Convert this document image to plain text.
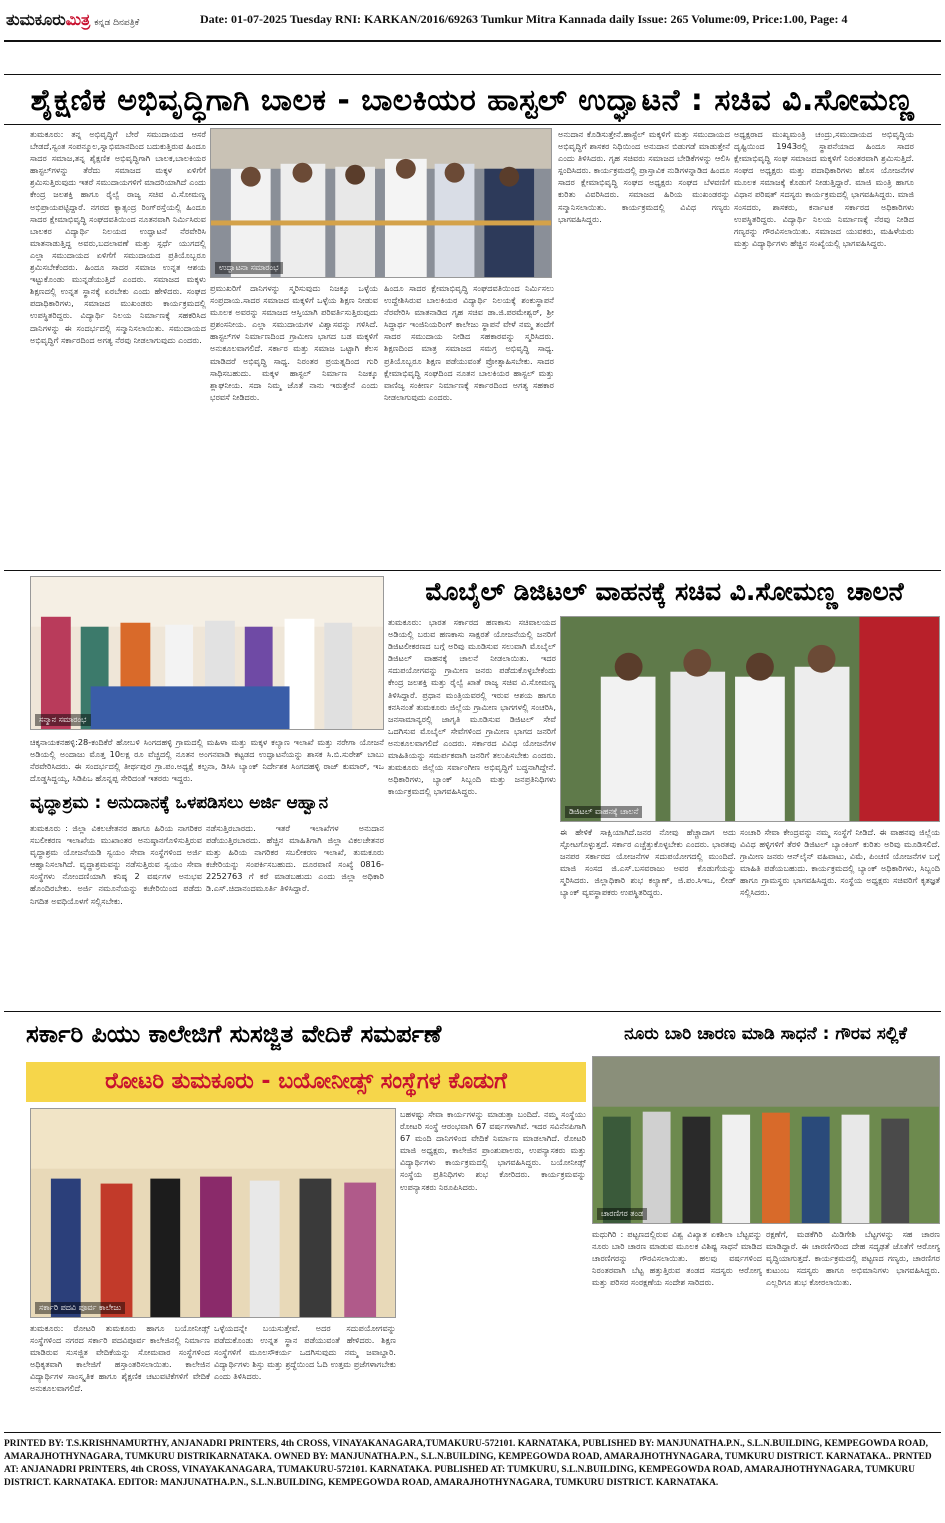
ತುಮಕೂರುಮಿತ್ರ ಕನ್ನಡ ದಿನಪತ್ರಿಕೆ	Date: 01-07-2025 Tuesday RNI: KARKAN/2016/69263 Tumkur Mitra Kannada daily Issue: 265 Volume:09, Price:1.00, Page: 4
ಶೈಕ್ಷಣಿಕ ಅಭಿವೃದ್ಧಿಗಾಗಿ ಬಾಲಕ - ಬಾಲಕಿಯರ ಹಾಸ್ಟಲ್ ಉದ್ಘಾಟನೆ : ಸಚಿವ ವಿ.ಸೋಮಣ್ಣ
ತುಮಕೂರು: ತನ್ನ ಅಭಿವೃದ್ಧಿಗೆ ಬೇರೆ ಸಮುದಾಯದ ಆಸರೆ ಬೇಡದೆ,ಸ್ವಂತ ಸಂಪನ್ಮೂಲ,ಸ್ವಾಭಿಮಾನದಿಂದ ಬದುಕುತ್ತಿರುವ ಹಿಂದೂ ಸಾದರ ಸಮಾಜ,ತನ್ನ ಶೈಕ್ಷಣಿಕ ಅಭಿವೃದ್ಧಿಗಾಗಿ ಬಾಲಕ,ಬಾಲಕಿಯರ ಹಾಸ್ಟಲ್‌ಗಳನ್ನು ತೆರೆದು ಸಮಾಜದ ಮಕ್ಕಳ ಏಳಿಗೆಗೆ ಶ್ರಮಿಸುತ್ತಿರುವುದು ಇತರೆ ಸಮುದಾಯಗಳಿಗೆ ಮಾದರಿಯಾಗಿದೆ ಎಂದು ಕೇಂದ್ರ ಜಲಶಕ್ತಿ ಹಾಗೂ ರೈಲ್ವೆ ರಾಜ್ಯ ಸಚಿವ ವಿ.ಸೋಮಣ್ಣ ಅಭಿಪ್ರಾಯಪಟ್ಟಿದ್ದಾರೆ. ನಗರದ ಕ್ಯಾತ್ಸಂದ್ರ ರಿಂಗ್‌ರಸ್ತೆಯಲ್ಲಿ ಹಿಂದೂ ಸಾದರ ಕ್ಷೇಮಾಭಿವೃದ್ಧಿ ಸಂಘದವತಿಯಿಂದ ನೂತನವಾಗಿ ನಿರ್ಮಿಸಿರುವ ಬಾಲಕರ ವಿದ್ಯಾರ್ಥಿ ನಿಲಯದ ಉದ್ಘಾಟನೆ ನೆರವೇರಿಸಿ ಮಾತನಾಡುತ್ತಿದ್ದ ಅವರು,ಬದಲಾವಣೆ ಮತ್ತು ಸ್ಪರ್ಧೆ ಯುಗದಲ್ಲಿ ಎಲ್ಲಾ ಸಮುದಾಯದ ಏಳಿಗೆಗೆ ಸಮುದಾಯದ ಪ್ರತಿಯೊಬ್ಬರೂ ಶ್ರಮಿಸಬೇಕೆಂದರು. ಹಿಂದೂ ಸಾದರ ಸಮಾಜ ಉನ್ನತ ಆಶಯ ಇಟ್ಟುಕೊಂಡು ಮುನ್ನಡೆಯುತ್ತಿದೆ ಎಂದರು. ಸಮಾಜದ ಮಕ್ಕಳು ಶಿಕ್ಷಣದಲ್ಲಿ ಉನ್ನತ ಸ್ಥಾನಕ್ಕೆ ಏರಬೇಕು ಎಂದು ಹೇಳಿದರು. ಸಂಘದ ಪದಾಧಿಕಾರಿಗಳು, ಸಮಾಜದ ಮುಖಂಡರು ಕಾರ್ಯಕ್ರಮದಲ್ಲಿ ಉಪಸ್ಥಿತರಿದ್ದರು. ವಿದ್ಯಾರ್ಥಿ ನಿಲಯ ನಿರ್ಮಾಣಕ್ಕೆ ಸಹಕರಿಸಿದ ದಾನಿಗಳನ್ನು ಈ ಸಂದರ್ಭದಲ್ಲಿ ಸನ್ಮಾನಿಸಲಾಯಿತು. ಸಮುದಾಯದ ಅಭಿವೃದ್ಧಿಗೆ ಸರ್ಕಾರದಿಂದ ಅಗತ್ಯ ನೆರವು ನೀಡಲಾಗುವುದು ಎಂದರು.
ಉದ್ಘಾಟನಾ ಸಮಾರಂಭ
ಪ್ರಮುಖರಿಗೆ ದಾನಿಗಳನ್ನು ಸ್ಮರಿಸುವುದು ನಿಜಕ್ಕೂ ಒಳ್ಳೆಯ ಸಂಪ್ರದಾಯ.ಸಾದರ ಸಮಾಜದ ಮಕ್ಕಳಿಗೆ ಒಳ್ಳೆಯ ಶಿಕ್ಷಣ ನೀಡುವ ಮೂಲಕ ಅವರನ್ನು ಸಮಾಜದ ಆಸ್ತಿಯಾಗಿ ಪರಿವರ್ತಿಸುತ್ತಿರುವುದು ಪ್ರಶಂಸನೀಯ. ಎಲ್ಲಾ ಸಮುದಾಯಗಳ ವಿಶ್ವಾಸವನ್ನು ಗಳಿಸಿದೆ. ಹಾಸ್ಟಲ್‌ಗಳ ನಿರ್ಮಾಣದಿಂದ ಗ್ರಾಮೀಣ ಭಾಗದ ಬಡ ಮಕ್ಕಳಿಗೆ ಅನುಕೂಲವಾಗಲಿದೆ. ಸರ್ಕಾರ ಮತ್ತು ಸಮಾಜ ಒಟ್ಟಾಗಿ ಕೆಲಸ ಮಾಡಿದರೆ ಅಭಿವೃದ್ಧಿ ಸಾಧ್ಯ. ನಿರಂತರ ಪ್ರಯತ್ನದಿಂದ ಗುರಿ ಸಾಧಿಸಬಹುದು. ಮಕ್ಕಳ ಹಾಸ್ಟಲ್ ನಿರ್ಮಾಣ ನಿಜಕ್ಕೂ ಶ್ಲಾಘನೀಯ. ಸದಾ ನಿಮ್ಮ ಜೊತೆ ನಾನು ಇರುತ್ತೇನೆ ಎಂದು ಭರವಸೆ ನೀಡಿದರು.
ಹಿಂದೂ ಸಾದರ ಕ್ಷೇಮಾಭಿವೃದ್ಧಿ ಸಂಘದವತಿಯಿಂದ ನಿರ್ಮಿಸಲು ಉದ್ದೇಶಿಸಿರುವ ಬಾಲಕಿಯರ ವಿದ್ಯಾರ್ಥಿ ನಿಲಯಕ್ಕೆ ಶಂಕುಸ್ಥಾಪನೆ ನೆರವೇರಿಸಿ ಮಾತನಾಡಿದ ಗೃಹ ಸಚಿವ ಡಾ.ಜಿ.ಪರಮೇಶ್ವರ್, ಶ್ರೀ ಸಿದ್ಧಾರ್ಥ ಇಂಜಿನಿಯರಿಂಗ್ ಕಾಲೇಜು ಸ್ಥಾಪನೆ ವೇಳೆ ನಮ್ಮ ತಂದೆಗೆ ಸಾದರ ಸಮುದಾಯ ನೀಡಿದ ಸಹಕಾರವನ್ನು ಸ್ಮರಿಸಿದರು. ಶಿಕ್ಷಣದಿಂದ ಮಾತ್ರ ಸಮಾಜದ ಸಮಗ್ರ ಅಭಿವೃದ್ಧಿ ಸಾಧ್ಯ. ಪ್ರತಿಯೊಬ್ಬರೂ ಶಿಕ್ಷಣ ಪಡೆಯುವಂತೆ ಪ್ರೋತ್ಸಾಹಿಸಬೇಕು. ಸಾದರ ಕ್ಷೇಮಾಭಿವೃದ್ಧಿ ಸಂಘದಿಂದ ನೂತನ ಬಾಲಕಿಯರ ಹಾಸ್ಟಲ್ ಮತ್ತು ವಾಣಿಜ್ಯ ಸಂಕೀರ್ಣ ನಿರ್ಮಾಣಕ್ಕೆ ಸರ್ಕಾರದಿಂದ ಅಗತ್ಯ ಸಹಕಾರ ನೀಡಲಾಗುವುದು ಎಂದರು.
ಅನುದಾನ ಕೊಡಿಸುತ್ತೇನೆ.ಹಾಸ್ಟೆಲ್ ಮಕ್ಕಳಿಗೆ ಮತ್ತು ಸಮುದಾಯದ ಅಭಿವೃದ್ಧಿಗೆ ಶಾಸಕರ ನಿಧಿಯಿಂದ ಅನುದಾನ ಬಿಡುಗಡೆ ಮಾಡುತ್ತೇನೆ ಎಂದು ತಿಳಿಸಿದರು. ಗೃಹ ಸಚಿವರು ಸಮಾಜದ ಬೇಡಿಕೆಗಳನ್ನು ಆಲಿಸಿ ಸ್ಪಂದಿಸಿದರು. ಕಾರ್ಯಕ್ರಮದಲ್ಲಿ ಪ್ರಾಸ್ತಾವಿಕ ನುಡಿಗಳನ್ನಾಡಿದ ಹಿಂದೂ ಸಾದರ ಕ್ಷೇಮಾಭಿವೃದ್ಧಿ ಸಂಘದ ಅಧ್ಯಕ್ಷರು ಸಂಘದ ಬೆಳವಣಿಗೆ ಕುರಿತು ವಿವರಿಸಿದರು. ಸಮಾಜದ ಹಿರಿಯ ಮುಖಂಡರನ್ನು ಸನ್ಮಾನಿಸಲಾಯಿತು. ಕಾರ್ಯಕ್ರಮದಲ್ಲಿ ವಿವಿಧ ಗಣ್ಯರು ಭಾಗವಹಿಸಿದ್ದರು.
ಅಧ್ಯಕ್ಷರಾದ ಮುಖ್ಯಮಂತ್ರಿ ಚಂದ್ರು,ಸಮುದಾಯದ ಅಭಿವೃದ್ಧಿಯ ದೃಷ್ಟಿಯಿಂದ 1943ರಲ್ಲಿ ಸ್ಥಾಪನೆಯಾದ ಹಿಂದೂ ಸಾದರ ಕ್ಷೇಮಾಭಿವೃದ್ಧಿ ಸಂಘ ಸಮಾಜದ ಮಕ್ಕಳಿಗೆ ನಿರಂತರವಾಗಿ ಶ್ರಮಿಸುತ್ತಿದೆ. ಸಂಘದ ಅಧ್ಯಕ್ಷರು ಮತ್ತು ಪದಾಧಿಕಾರಿಗಳು ಹೊಸ ಯೋಜನೆಗಳ ಮೂಲಕ ಸಮಾಜಕ್ಕೆ ಕೊಡುಗೆ ನೀಡುತ್ತಿದ್ದಾರೆ. ಮಾಜಿ ಮಂತ್ರಿ ಹಾಗೂ ವಿಧಾನ ಪರಿಷತ್ ಸದಸ್ಯರು ಕಾರ್ಯಕ್ರಮದಲ್ಲಿ ಭಾಗವಹಿಸಿದ್ದರು. ಮಾಜಿ ಸಂಸದರು, ಶಾಸಕರು, ಕರ್ನಾಟಕ ಸರ್ಕಾರದ ಅಧಿಕಾರಿಗಳು ಉಪಸ್ಥಿತರಿದ್ದರು. ವಿದ್ಯಾರ್ಥಿ ನಿಲಯ ನಿರ್ಮಾಣಕ್ಕೆ ನೆರವು ನೀಡಿದ ಗಣ್ಯರನ್ನು ಗೌರವಿಸಲಾಯಿತು. ಸಮಾಜದ ಯುವಕರು, ಮಹಿಳೆಯರು ಮತ್ತು ವಿದ್ಯಾರ್ಥಿಗಳು ಹೆಚ್ಚಿನ ಸಂಖ್ಯೆಯಲ್ಲಿ ಭಾಗವಹಿಸಿದ್ದರು.
ಸನ್ಮಾನ ಸಮಾರಂಭ
ಚಿಕ್ಕನಾಯಕನಹಳ್ಳಿ:28-ಕಂದಿಕೆರೆ ಹೋಬಳಿ ಸಿಂಗದಹಳ್ಳಿ ಗ್ರಾಮದಲ್ಲಿ ಮಹಿಳಾ ಮತ್ತು ಮಕ್ಕಳ ಕಲ್ಯಾಣ ಇಲಾಖೆ ಮತ್ತು ನರೇಗಾ ಯೋಜನೆ ಅಡಿಯಲ್ಲಿ ಅಂದಾಜು ಮೊತ್ತ 10ಲಕ್ಷ ರೂ ವೆಚ್ಚದಲ್ಲಿ ನೂತನ ಅಂಗನವಾಡಿ ಕಟ್ಟಡದ ಉದ್ಘಾಟನೆಯನ್ನು ಶಾಸಕ ಸಿ.ಬಿ.ಸುರೇಶ್ ಬಾಬು ನೆರವೇರಿಸಿದರು. ಈ ಸಂದರ್ಭದಲ್ಲಿ ತೀರ್ಥಪುರ ಗ್ರಾ.ಪಂ.ಅಧ್ಯಕ್ಷೆ ಕಲ್ಪನಾ, ಡಿಸಿಸಿ ಬ್ಯಾಂಕ್ ನಿರ್ದೇಶಕ ಸಿಂಗದಹಳ್ಳಿ ರಾಜ್ ಕುಮಾರ್, ಇಒ ದೊಡ್ಡಸಿದ್ದಯ್ಯ, ಸಿಡಿಪಿಒ ಹೊನ್ನಪ್ಪ ಸೇರಿದಂತೆ ಇತರರು ಇದ್ದರು.
ಮೊಬೈಲ್ ಡಿಜಿಟಲ್ ವಾಹನಕ್ಕೆ ಸಚಿವ ವಿ.ಸೋಮಣ್ಣ ಚಾಲನೆ
ತುಮಕೂರು: ಭಾರತ ಸರ್ಕಾರದ ಹಣಕಾಸು ಸಚಿವಾಲಯದ ಅಡಿಯಲ್ಲಿ ಬರುವ ಹಣಕಾಸು ಸಾಕ್ಷರತೆ ಯೋಜನೆಯಲ್ಲಿ ಜನರಿಗೆ ಡಿಜಿಟಲೀಕರಣದ ಬಗ್ಗೆ ಅರಿವು ಮೂಡಿಸುವ ಸಲುವಾಗಿ ಮೊಬೈಲ್ ಡಿಜಿಟಲ್ ವಾಹನಕ್ಕೆ ಚಾಲನೆ ನೀಡಲಾಯಿತು. ಇದರ ಸದುಪಯೋಗವನ್ನು ಗ್ರಾಮೀಣ ಜನರು ಪಡೆದುಕೊಳ್ಳಬೇಕೆಂದು ಕೇಂದ್ರ ಜಲಶಕ್ತಿ ಮತ್ತು ರೈಲ್ವೆ ಖಾತೆ ರಾಜ್ಯ ಸಚಿವ ವಿ.ಸೋಮಣ್ಣ ತಿಳಿಸಿದ್ದಾರೆ. ಪ್ರಧಾನ ಮಂತ್ರಿಯವರಲ್ಲಿ ಇರುವ ಆಶಯ ಹಾಗೂ ಕನಸಿನಂತೆ ತುಮಕೂರು ಜಿಲ್ಲೆಯ ಗ್ರಾಮೀಣ ಭಾಗಗಳಲ್ಲಿ ಸಂಚರಿಸಿ, ಜನಸಾಮಾನ್ಯರಲ್ಲಿ ಜಾಗೃತಿ ಮೂಡಿಸುವ ಡಿಜಿಟಲ್ ಸೇವೆ ಒದಗಿಸುವ ಮೊಬೈಲ್ ಸೇವೆಗಳಿಂದ ಗ್ರಾಮೀಣ ಭಾಗದ ಜನರಿಗೆ ಅನುಕೂಲವಾಗಲಿದೆ ಎಂದರು. ಸರ್ಕಾರದ ವಿವಿಧ ಯೋಜನೆಗಳ ಮಾಹಿತಿಯನ್ನು ಸಮರ್ಪಕವಾಗಿ ಜನರಿಗೆ ತಲುಪಿಸಬೇಕು ಎಂದರು. ತುಮಕೂರು ಜಿಲ್ಲೆಯ ಸರ್ವಾಂಗೀಣ ಅಭಿವೃದ್ಧಿಗೆ ಬದ್ಧನಾಗಿದ್ದೇನೆ. ಅಧಿಕಾರಿಗಳು, ಬ್ಯಾಂಕ್ ಸಿಬ್ಬಂದಿ ಮತ್ತು ಜನಪ್ರತಿನಿಧಿಗಳು ಕಾರ್ಯಕ್ರಮದಲ್ಲಿ ಭಾಗವಹಿಸಿದ್ದರು.
ಡಿಜಿಟಲ್ ವಾಹನಕ್ಕೆ ಚಾಲನೆ
ಈ ಹೇಳಿಕೆ ಸಾಕ್ಷಿಯಾಗಿದೆ.ಜನರ ನೋವು ಹೆಚ್ಚಾದಾಗ ಅದು ಸ್ಫೋಟಗೊಳ್ಳುತ್ತದೆ. ಸರ್ಕಾರ ಎಚ್ಚೆತ್ತುಕೊಳ್ಳಬೇಕು ಎಂದರು. ಭಾರತವು ಜನಪರ ಸರ್ಕಾರದ ಯೋಜನೆಗಳ ಸದುಪಯೋಗದಲ್ಲಿ ಮುಂದಿದೆ. ಮಾಜಿ ಸಂಸದ ಜಿ.ಎಸ್.ಬಸವರಾಜು ಅವರ ಕೊಡುಗೆಯನ್ನು ಸ್ಮರಿಸಿದರು. ಜಿಲ್ಲಾಧಿಕಾರಿ ಶುಭ ಕಲ್ಯಾಣ್, ಜಿ.ಪಂ.ಸಿಇಒ, ಲೀಡ್ ಬ್ಯಾಂಕ್ ವ್ಯವಸ್ಥಾಪಕರು ಉಪಸ್ಥಿತರಿದ್ದರು.
ಸಂಚಾರಿ ಸೇವಾ ಕೇಂದ್ರವನ್ನು ನಮ್ಮ ಸಂಸ್ಥೆಗೆ ನೀಡಿದೆ. ಈ ವಾಹನವು ಜಿಲ್ಲೆಯ ವಿವಿಧ ಹಳ್ಳಿಗಳಿಗೆ ತೆರಳಿ ಡಿಜಿಟಲ್ ಬ್ಯಾಂಕಿಂಗ್ ಕುರಿತು ಅರಿವು ಮೂಡಿಸಲಿದೆ. ಗ್ರಾಮೀಣ ಜನರು ಆನ್‌ಲೈನ್ ವಹಿವಾಟು, ವಿಮೆ, ಪಿಂಚಣಿ ಯೋಜನೆಗಳ ಬಗ್ಗೆ ಮಾಹಿತಿ ಪಡೆಯಬಹುದು. ಕಾರ್ಯಕ್ರಮದಲ್ಲಿ ಬ್ಯಾಂಕ್ ಅಧಿಕಾರಿಗಳು, ಸಿಬ್ಬಂದಿ ಹಾಗೂ ಗ್ರಾಮಸ್ಥರು ಭಾಗವಹಿಸಿದ್ದರು. ಸಂಸ್ಥೆಯ ಅಧ್ಯಕ್ಷರು ಸಚಿವರಿಗೆ ಕೃತಜ್ಞತೆ ಸಲ್ಲಿಸಿದರು.
ವೃದ್ಧಾಶ್ರಮ : ಅನುದಾನಕ್ಕೆ ಒಳಪಡಿಸಲು ಅರ್ಜಿ ಆಹ್ವಾನ
ತುಮಕೂರು : ಜಿಲ್ಲಾ ವಿಕಲಚೇತನರ ಹಾಗೂ ಹಿರಿಯ ನಾಗರಿಕರ ಸಬಲೀಕರಣ ಇಲಾಖೆಯ ಮುಖಾಂತರ ಅನುಷ್ಠಾನಗೊಳಿಸುತ್ತಿರುವ ವೃದ್ಧಾಶ್ರಮ ಯೋಜನೆಯಡಿ ಸ್ವಯಂ ಸೇವಾ ಸಂಸ್ಥೆಗಳಿಂದ ಅರ್ಜಿ ಆಹ್ವಾನಿಸಲಾಗಿದೆ. ವೃದ್ಧಾಶ್ರಮವನ್ನು ನಡೆಸುತ್ತಿರುವ ಸ್ವಯಂ ಸೇವಾ ಸಂಸ್ಥೆಗಳು ನೋಂದಣಿಯಾಗಿ ಕನಿಷ್ಠ 2 ವರ್ಷಗಳ ಅನುಭವ ಹೊಂದಿರಬೇಕು. ಅರ್ಜಿ ನಮೂನೆಯನ್ನು ಕಚೇರಿಯಿಂದ ಪಡೆದು ನಿಗದಿತ ಅವಧಿಯೊಳಗೆ ಸಲ್ಲಿಸಬೇಕು.
ನಡೆಸುತ್ತಿರಬಾರದು. ಇತರೆ ಇಲಾಖೆಗಳ ಅನುದಾನ ಪಡೆಯುತ್ತಿರಬಾರದು. ಹೆಚ್ಚಿನ ಮಾಹಿತಿಗಾಗಿ ಜಿಲ್ಲಾ ವಿಕಲಚೇತನರ ಮತ್ತು ಹಿರಿಯ ನಾಗರಿಕರ ಸಬಲೀಕರಣ ಇಲಾಖೆ, ತುಮಕೂರು ಕಚೇರಿಯನ್ನು ಸಂಪರ್ಕಿಸಬಹುದು. ದೂರವಾಣಿ ಸಂಖ್ಯೆ 0816-2252763 ಗೆ ಕರೆ ಮಾಡಬಹುದು ಎಂದು ಜಿಲ್ಲಾ ಅಧಿಕಾರಿ ಡಿ.ಎಸ್.ಚಿದಾನಂದಮೂರ್ತಿ ತಿಳಿಸಿದ್ದಾರೆ.
ಸರ್ಕಾರಿ ಪಿಯು ಕಾಲೇಜಿಗೆ ಸುಸಜ್ಜಿತ ವೇದಿಕೆ ಸಮರ್ಪಣೆ
ರೋಟರಿ ತುಮಕೂರು - ಬಯೋನೀಡ್ಸ್ ಸಂಸ್ಥೆಗಳ ಕೊಡುಗೆ
ಸರ್ಕಾರಿ ಪದವಿ ಪೂರ್ವ ಕಾಲೇಜು
ತುಮಕೂರು: ರೋಟರಿ ತುಮಕೂರು ಹಾಗೂ ಬಯೋನೀಡ್ಸ್ ಸಂಸ್ಥೆಗಳಿಂದ ನಗರದ ಸರ್ಕಾರಿ ಪದವಿಪೂರ್ವ ಕಾಲೇಜಿನಲ್ಲಿ ನಿರ್ಮಾಣ ಮಾಡಿರುವ ಸುಸಜ್ಜಿತ ವೇದಿಕೆಯನ್ನು ಸೋಮವಾರ ಸಂಸ್ಥೆಗಳಿಂದ ಅಧಿಕೃತವಾಗಿ ಕಾಲೇಜಿಗೆ ಹಸ್ತಾಂತರಿಸಲಾಯಿತು. ಕಾಲೇಜಿನ ವಿದ್ಯಾರ್ಥಿಗಳ ಸಾಂಸ್ಕೃತಿಕ ಹಾಗೂ ಶೈಕ್ಷಣಿಕ ಚಟುವಟಿಕೆಗಳಿಗೆ ವೇದಿಕೆ ಅನುಕೂಲವಾಗಲಿದೆ.
ಒಳ್ಳೆಯದನ್ನೇ ಬಯಸುತ್ತೇವೆ. ಅದರ ಸದುಪಯೋಗವನ್ನು ಪಡೆದುಕೊಂಡು ಉನ್ನತ ಸ್ಥಾನ ಪಡೆಯುವಂತೆ ಹೇಳಿದರು. ಶಿಕ್ಷಣ ಸಂಸ್ಥೆಗಳಿಗೆ ಮೂಲಸೌಕರ್ಯ ಒದಗಿಸುವುದು ನಮ್ಮ ಜವಾಬ್ದಾರಿ. ವಿದ್ಯಾರ್ಥಿಗಳು ಶಿಸ್ತು ಮತ್ತು ಶ್ರದ್ಧೆಯಿಂದ ಓದಿ ಉತ್ತಮ ಪ್ರಜೆಗಳಾಗಬೇಕು ಎಂದು ತಿಳಿಸಿದರು.
ಬಹಳಷ್ಟು ಸೇವಾ ಕಾರ್ಯಗಳನ್ನು ಮಾಡುತ್ತಾ ಬಂದಿದೆ. ನಮ್ಮ ಸಂಸ್ಥೆಯು ರೋಟರಿ ಸಂಸ್ಥೆ ಆರಂಭವಾಗಿ 67 ವರ್ಷಗಳಾಗಿವೆ. ಇದರ ಸವಿನೆನಪಿಗಾಗಿ 67 ಮಂದಿ ದಾನಿಗಳಿಂದ ವೇದಿಕೆ ನಿರ್ಮಾಣ ಮಾಡಲಾಗಿದೆ. ರೋಟರಿ ಮಾಜಿ ಅಧ್ಯಕ್ಷರು, ಕಾಲೇಜಿನ ಪ್ರಾಂಶುಪಾಲರು, ಉಪನ್ಯಾಸಕರು ಮತ್ತು ವಿದ್ಯಾರ್ಥಿಗಳು ಕಾರ್ಯಕ್ರಮದಲ್ಲಿ ಭಾಗವಹಿಸಿದ್ದರು. ಬಯೋನೀಡ್ಸ್ ಸಂಸ್ಥೆಯ ಪ್ರತಿನಿಧಿಗಳು ಶುಭ ಕೋರಿದರು. ಕಾರ್ಯಕ್ರಮವನ್ನು ಉಪನ್ಯಾಸಕರು ನಿರೂಪಿಸಿದರು.
ನೂರು ಬಾರಿ ಚಾರಣ ಮಾಡಿ ಸಾಧನೆ : ಗೌರವ ಸಲ್ಲಿಕೆ
ಚಾರಣಿಗರ ತಂಡ
ಮಧುಗಿರಿ : ಪಟ್ಟಣದಲ್ಲಿರುವ ವಿಶ್ವ ವಿಖ್ಯಾತ ಏಕಶಿಲಾ ಬೆಟ್ಟವನ್ನು ನೂರು ಬಾರಿ ಚಾರಣ ಮಾಡುವ ಮೂಲಕ ವಿಶಿಷ್ಟ ಸಾಧನೆ ಮಾಡಿದ ಚಾರಣಿಗರನ್ನು ಗೌರವಿಸಲಾಯಿತು. ಹಲವು ವರ್ಷಗಳಿಂದ ನಿರಂತರವಾಗಿ ಬೆಟ್ಟ ಹತ್ತುತ್ತಿರುವ ತಂಡದ ಸದಸ್ಯರು ಆರೋಗ್ಯ ಮತ್ತು ಪರಿಸರ ಸಂರಕ್ಷಣೆಯ ಸಂದೇಶ ಸಾರಿದರು.
ರಕ್ಷಣೆಗೆ, ಮಡಕೆಗಿರಿ ಮಿಡಿಗೇಶಿ ಬೆಟ್ಟಗಳನ್ನು ಸಹ ಚಾರಣ ಮಾಡಿದ್ದಾರೆ. ಈ ಚಾರಣಿಗರಿಂದ ದೇಹ ಸದೃಢತೆ ಜೊತೆಗೆ ಆರೋಗ್ಯ ವೃದ್ಧಿಯಾಗುತ್ತದೆ. ಕಾರ್ಯಕ್ರಮದಲ್ಲಿ ಪಟ್ಟಣದ ಗಣ್ಯರು, ಚಾರಣಿಗರ ಕುಟುಂಬ ಸದಸ್ಯರು ಹಾಗೂ ಅಭಿಮಾನಿಗಳು ಭಾಗವಹಿಸಿದ್ದರು. ಎಲ್ಲರಿಗೂ ಶುಭ ಕೋರಲಾಯಿತು.
PRINTED BY: T.S.KRISHNAMURTHY, ANJANADRI PRINTERS, 4th CROSS, VINAYAKANAGARA,TUMAKURU-572101. KARNATAKA, PUBLISHED BY: MANJUNATHA.P.N., S.L.N.BUILDING, KEMPEGOWDA ROAD, AMARAJHOTHYNAGARA, TUMKURU DISTRIKARNATAKA. OWNED BY: MANJUNATHA.P.N., S.L.N.BUILDING, KEMPEGOWDA ROAD, AMARAJHOTHYNAGARA, TUMKURU DISTRICT. KARNATAKA.. PRNTED AT: ANJANADRI PRINTERS, 4th CROSS, VINAYAKANAGARA, TUMAKURU-572101. KARNATAKA. PUBLISHED AT: TUMKURU, S.L.N.BUILDING, KEMPEGOWDA ROAD, AMARAJHOTHYNAGARA, TUMKURU DISTRICT. KARNATAKA. EDITOR: MANJUNATHA.P.N., S.L.N.BUILDING, KEMPEGOWDA ROAD, AMARAJHOTHYNAGARA, TUMKURU DISTRICT. KARNATAKA.
